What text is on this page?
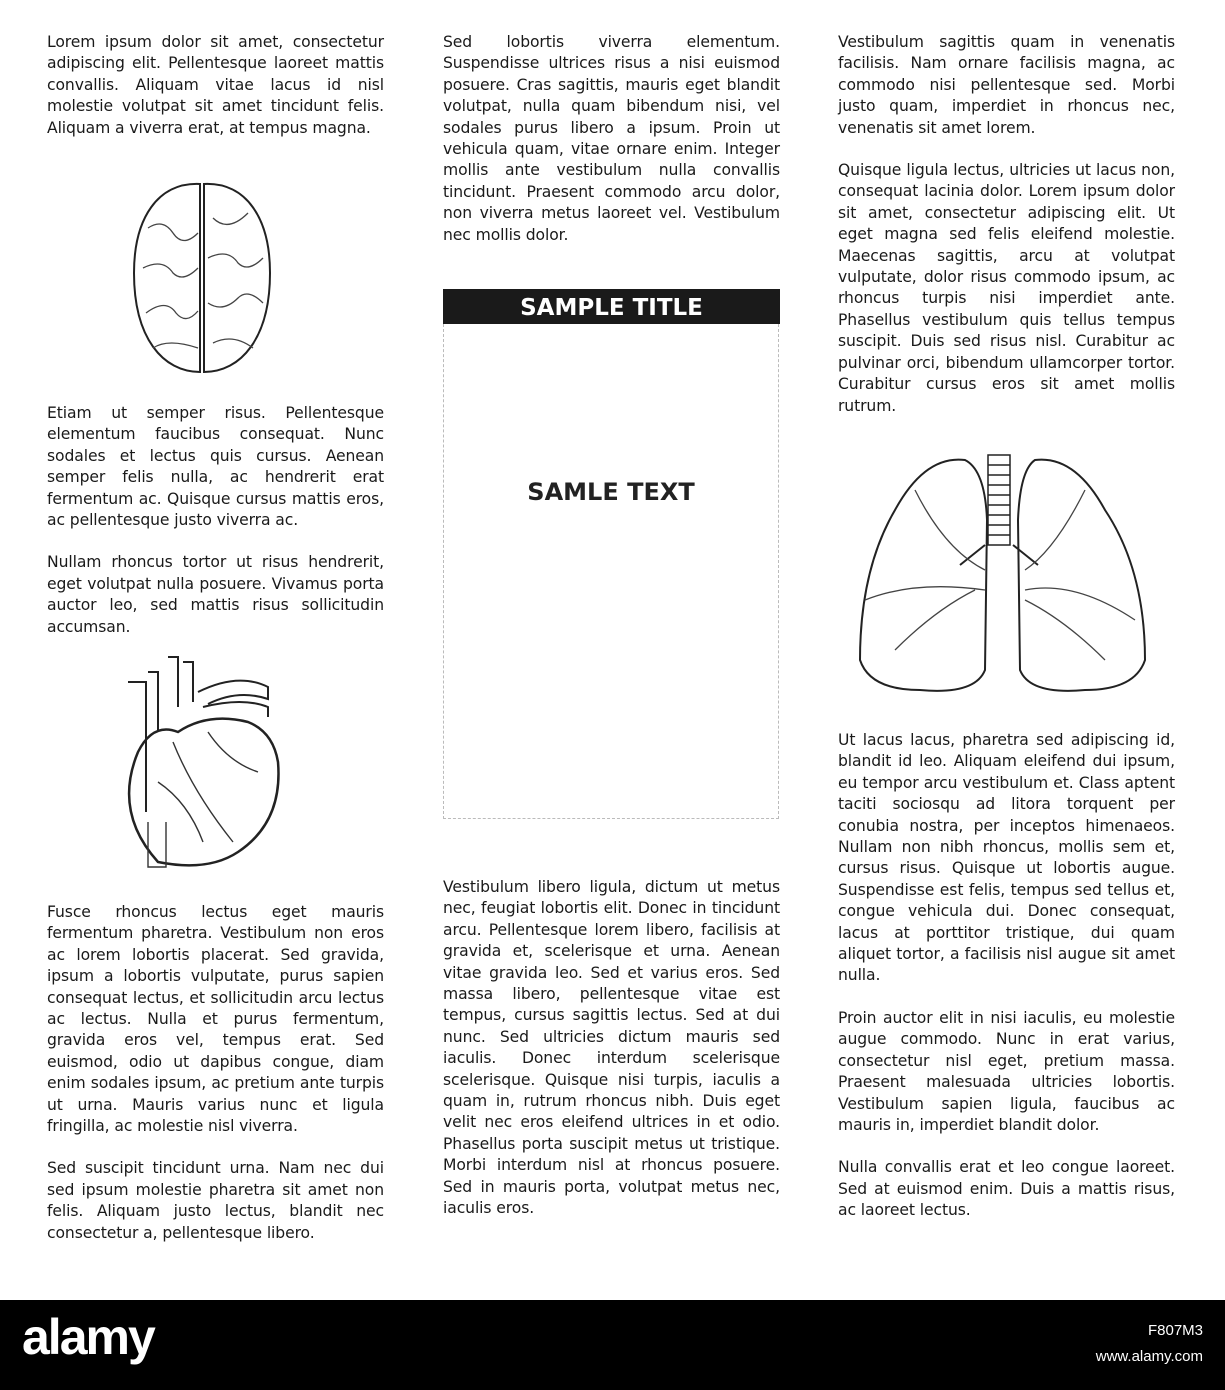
Lorem ipsum dolor sit amet, consectetur adipiscing elit. Pellentesque laoreet mattis convallis. Aliquam vitae lacus id nisl molestie volutpat sit amet tincidunt felis. Aliquam a viverra erat, at tempus magna.

Etiam ut semper risus. Pellentesque elementum faucibus consequat. Nunc sodales et lectus quis cursus. Aenean semper felis nulla, ac hendrerit erat fermentum ac. Quisque cursus mattis eros, ac pellentesque justo viverra ac.

Nullam rhoncus tortor ut risus hendrerit, eget volutpat nulla posuere. Vivamus porta auctor leo, sed mattis risus sollicitudin accumsan.

Fusce rhoncus lectus eget mauris fermentum pharetra. Vestibulum non eros ac lorem lobortis placerat. Sed gravida, ipsum a lobortis vulputate, purus sapien consequat lectus, et sollicitudin arcu lectus ac lectus. Nulla et purus fermentum, gravida eros vel, tempus erat. Sed euismod, odio ut dapibus congue, diam enim sodales ipsum, ac pretium ante turpis ut urna. Mauris varius nunc et ligula fringilla, ac molestie nisl viverra.

Sed suscipit tincidunt urna. Nam nec dui sed ipsum molestie pharetra sit amet non felis. Aliquam justo lectus, blandit nec consectetur a, pellentesque libero.

Sed lobortis viverra elementum. Suspendisse ultrices risus a nisi euismod posuere. Cras sagittis, mauris eget blandit volutpat, nulla quam bibendum nisi, vel sodales purus libero a ipsum. Proin ut vehicula quam, vitae ornare enim. Integer mollis ante vestibulum nulla convallis tincidunt. Praesent commodo arcu dolor, non viverra metus laoreet vel. Vestibulum nec mollis dolor.

SAMPLE TITLE
SAMLE TEXT

Vestibulum libero ligula, dictum ut metus nec, feugiat lobortis elit. Donec in tincidunt arcu. Pellentesque lorem libero, facilisis at gravida et, scelerisque et urna. Aenean vitae gravida leo. Sed et varius eros. Sed massa libero, pellentesque vitae est tempus, cursus sagittis lectus. Sed at dui nunc. Sed ultricies dictum mauris sed iaculis. Donec interdum scelerisque scelerisque. Quisque nisi turpis, iaculis a quam in, rutrum rhoncus nibh. Duis eget velit nec eros eleifend ultrices in et odio. Phasellus porta suscipit metus ut tristique. Morbi interdum nisl at rhoncus posuere. Sed in mauris porta, volutpat metus nec, iaculis eros.

Vestibulum sagittis quam in venenatis facilisis. Nam ornare facilisis magna, ac commodo nisi pellentesque sed. Morbi justo quam, imperdiet in rhoncus nec, venenatis sit amet lorem.

Quisque ligula lectus, ultricies ut lacus non, consequat lacinia dolor. Lorem ipsum dolor sit amet, consectetur adipiscing elit. Ut eget magna sed felis eleifend molestie. Maecenas sagittis, arcu at volutpat vulputate, dolor risus commodo ipsum, ac rhoncus turpis nisi imperdiet ante. Phasellus vestibulum quis tellus tempus suscipit. Duis sed risus nisl. Curabitur ac pulvinar orci, bibendum ullamcorper tortor. Curabitur cursus eros sit amet mollis rutrum.

Ut lacus lacus, pharetra sed adipiscing id, blandit id leo. Aliquam eleifend dui ipsum, eu tempor arcu vestibulum et. Class aptent taciti sociosqu ad litora torquent per conubia nostra, per inceptos himenaeos. Nullam non nibh rhoncus, mollis sem et, cursus risus. Quisque ut lobortis augue. Suspendisse est felis, tempus sed tellus et, congue vehicula dui. Donec consequat, lacus at porttitor tristique, dui quam aliquet tortor, a facilisis nisl augue sit amet nulla.

Proin auctor elit in nisi iaculis, eu molestie augue commodo. Nunc in erat varius, consectetur nisl eget, pretium massa. Praesent malesuada ultricies lobortis. Vestibulum sapien ligula, faucibus ac mauris in, imperdiet blandit dolor.

Nulla convallis erat et leo congue laoreet. Sed at euismod enim. Duis a mattis risus, ac laoreet lectus.

alamy	F807M3
www.alamy.com
